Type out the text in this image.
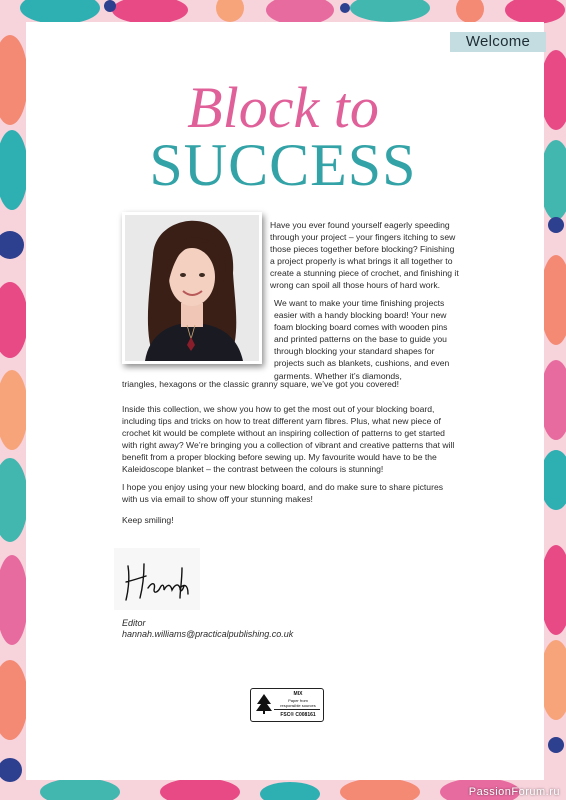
Welcome
Block to
SUCCESS
Have you ever found yourself eagerly speeding through your project – your fingers itching to sew those pieces together before blocking? Finishing a project properly is what brings it all together to create a stunning piece of crochet, and finishing it wrong can spoil all those hours of hard work.
We want to make your time finishing projects easier with a handy blocking board! Your new foam blocking board comes with wooden pins and printed patterns on the base to guide you through blocking your standard shapes for projects such as blankets, cushions, and even garments. Whether it’s diamonds,
triangles, hexagons or the classic granny square, we’ve got you covered!
Inside this collection, we show you how to get the most out of your blocking board, including tips and tricks on how to treat different yarn fibres. Plus, what new piece of crochet kit would be complete without an inspiring collection of patterns to get started with right away? We’re bringing you a collection of vibrant and creative patterns that will benefit from a proper blocking before sewing up. My favourite would have to be the Kaleidoscope blanket – the contrast between the colours is stunning!
I hope you enjoy using your new blocking board, and do make sure to share pictures with us via email to show off your stunning makes!
Keep smiling!
Editor
hannah.williams@practicalpublishing.co.uk
MIX
Paper from
responsible sources
FSC® C008161
PassionForum.ru
